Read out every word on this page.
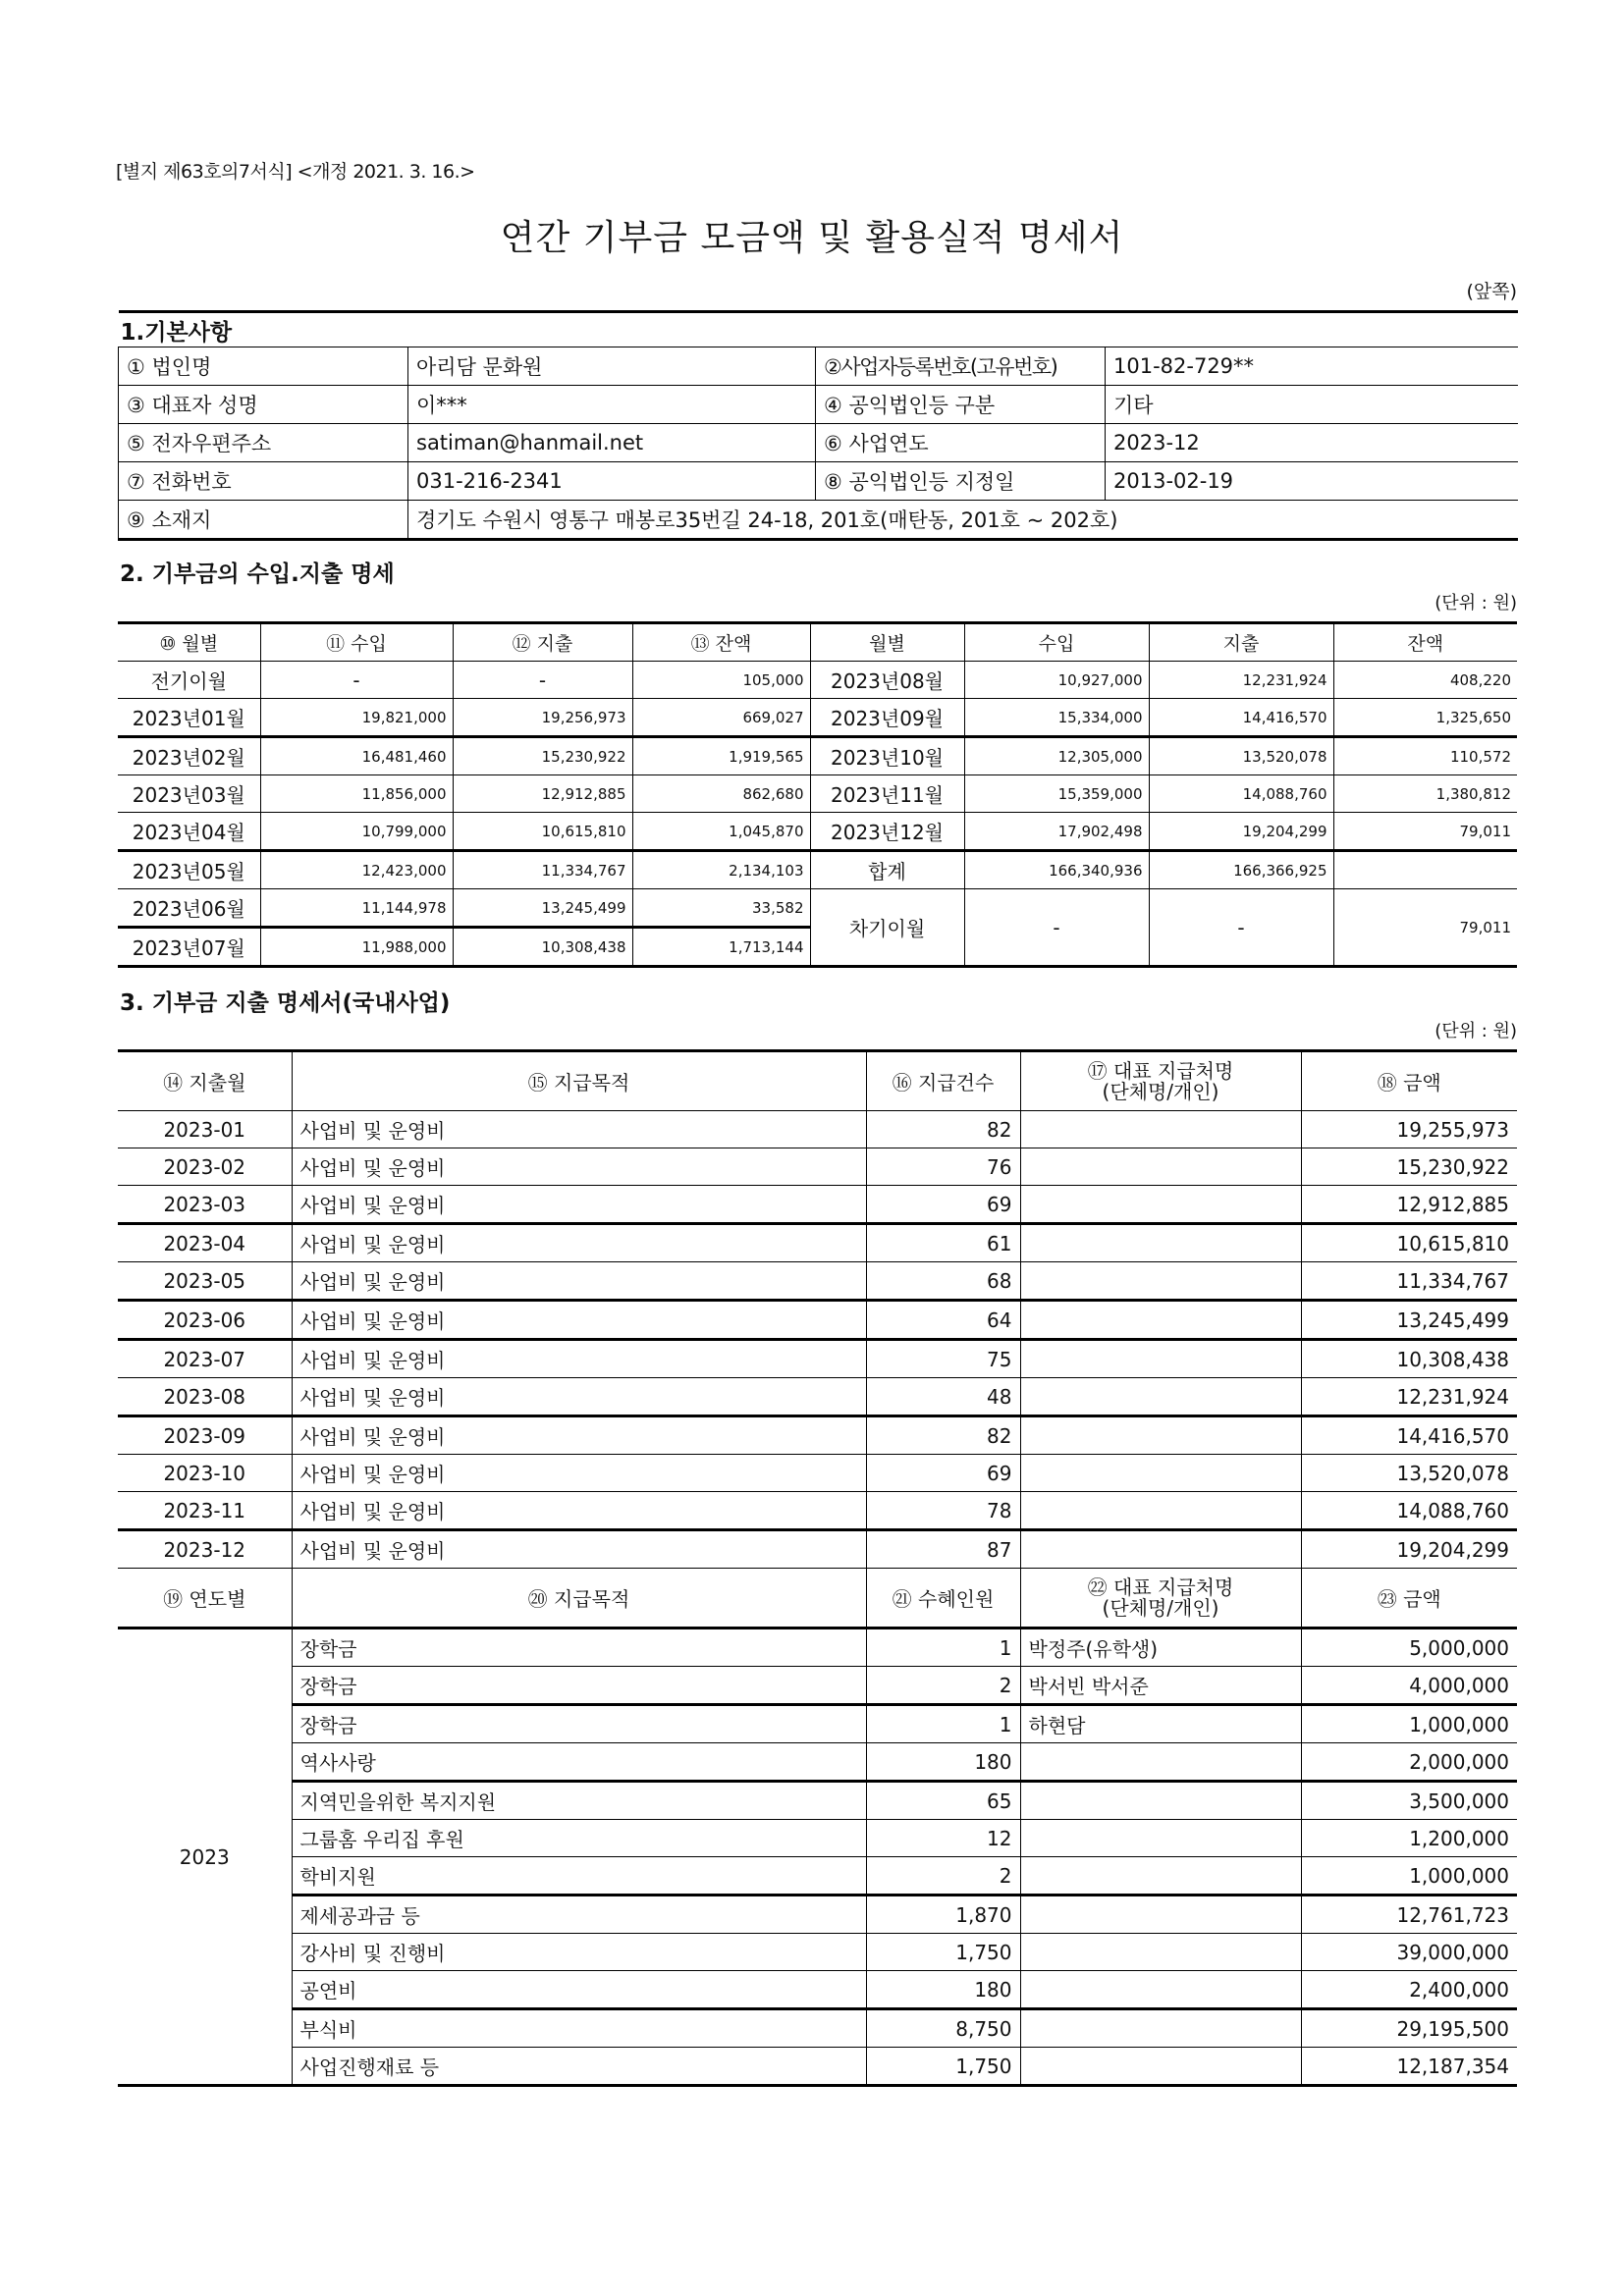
[별지 제63호의7서식] <개정 2021. 3. 16.>
연간 기부금 모금액 및 활용실적 명세서
(앞쪽)
1.기본사항			
① 법인명	아리담 문화원	②사업자등록번호(고유번호)	101-82-729**
③ 대표자 성명	이***	④ 공익법인등 구분	기타
⑤ 전자우편주소	satiman@hanmail.net	⑥ 사업연도	2023-12
⑦ 전화번호	031-216-2341	⑧ 공익법인등 지정일	2013-02-19
⑨ 소재지	경기도 수원시 영통구 매봉로35번길 24-18, 201호(매탄동, 201호 ~ 202호)		
2. 기부금의 수입.지출 명세
(단위 : 원)
⑩ 월별	⑪ 수입	⑫ 지출	⑬ 잔액	월별	수입	지출	잔액
전기이월	-	-	105,000	2023년08월	10,927,000	12,231,924	408,220
2023년01월	19,821,000	19,256,973	669,027	2023년09월	15,334,000	14,416,570	1,325,650
2023년02월	16,481,460	15,230,922	1,919,565	2023년10월	12,305,000	13,520,078	110,572
2023년03월	11,856,000	12,912,885	862,680	2023년11월	15,359,000	14,088,760	1,380,812
2023년04월	10,799,000	10,615,810	1,045,870	2023년12월	17,902,498	19,204,299	79,011
2023년05월	12,423,000	11,334,767	2,134,103	합계	166,340,936	166,366,925	
2023년06월	11,144,978	13,245,499	33,582	차기이월	-	-	79,011
2023년07월	11,988,000	10,308,438	1,713,144				
3. 기부금 지출 명세서(국내사업)
(단위 : 원)
⑭ 지출월	⑮ 지급목적	⑯ 지급건수	⑰ 대표 지급처명
(단체명/개인)	⑱ 금액
2023-01	사업비 및 운영비	82		19,255,973
2023-02	사업비 및 운영비	76		15,230,922
2023-03	사업비 및 운영비	69		12,912,885
2023-04	사업비 및 운영비	61		10,615,810
2023-05	사업비 및 운영비	68		11,334,767
2023-06	사업비 및 운영비	64		13,245,499
2023-07	사업비 및 운영비	75		10,308,438
2023-08	사업비 및 운영비	48		12,231,924
2023-09	사업비 및 운영비	82		14,416,570
2023-10	사업비 및 운영비	69		13,520,078
2023-11	사업비 및 운영비	78		14,088,760
2023-12	사업비 및 운영비	87		19,204,299
⑲ 연도별	⑳ 지급목적	㉑ 수혜인원	㉒ 대표 지급처명
(단체명/개인)	㉓ 금액
2023	장학금	1	박정주(유학생)	5,000,000
	장학금	2	박서빈 박서준	4,000,000
	장학금	1	하현담	1,000,000
	역사사랑	180		2,000,000
	지역민을위한 복지지원	65		3,500,000
	그룹홈 우리집 후원	12		1,200,000
	학비지원	2		1,000,000
	제세공과금 등	1,870		12,761,723
	강사비 및 진행비	1,750		39,000,000
	공연비	180		2,400,000
	부식비	8,750		29,195,500
	사업진행재료 등	1,750		12,187,354
